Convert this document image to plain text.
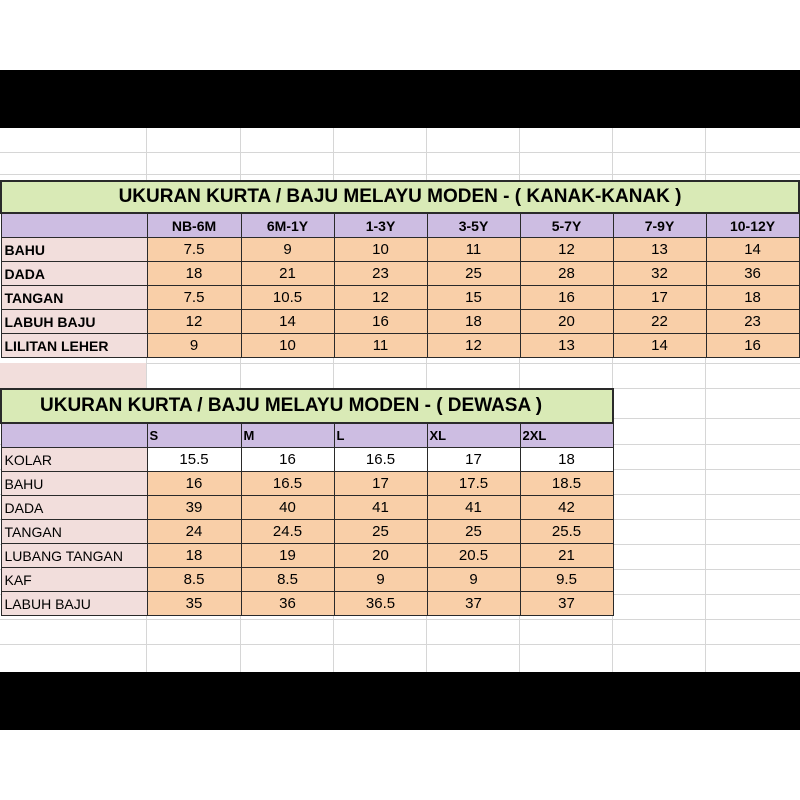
UKURAN KURTA / BAJU MELAYU MODEN - ( KANAK-KANAK )							
	NB-6M	6M-1Y	1-3Y	3-5Y	5-7Y	7-9Y	10-12Y
BAHU	7.5	9	10	11	12	13	14
DADA	18	21	23	25	28	32	36
TANGAN	7.5	10.5	12	15	16	17	18
LABUH BAJU	12	14	16	18	20	22	23
LILITAN LEHER	9	10	11	12	13	14	16
UKURAN KURTA / BAJU MELAYU MODEN - ( DEWASA )					
	S	M	L	XL	2XL
KOLAR	15.5	16	16.5	17	18
BAHU	16	16.5	17	17.5	18.5
DADA	39	40	41	41	42
TANGAN	24	24.5	25	25	25.5
LUBANG TANGAN	18	19	20	20.5	21
KAF	8.5	8.5	9	9	9.5
LABUH BAJU	35	36	36.5	37	37
